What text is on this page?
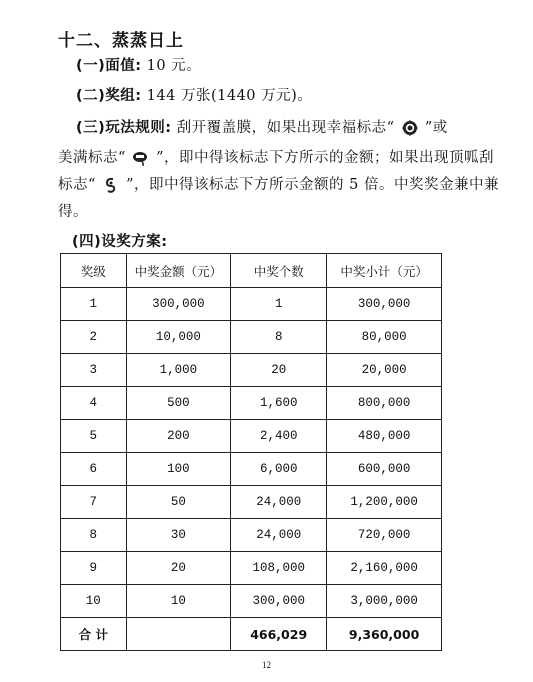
十二、蒸蒸日上
(一)面值: 10 元。
(二)奖组: 144 万张(1440 万元)。
(三)玩法规则: 刮开覆盖膜，如果出现幸福标志“ ”或
美满标志“ ”，即中得该标志下方所示的金额；如果出现顶呱刮
标志“ ”，即中得该标志下方所示金额的 5 倍。中奖奖金兼中兼
得。
(四)设奖方案:
奖级	中奖金额（元）	中奖个数	中奖小计（元）
1	300,000	1	300,000
2	10,000	8	80,000
3	1,000	20	20,000
4	500	1,600	800,000
5	200	2,400	480,000
6	100	6,000	600,000
7	50	24,000	1,200,000
8	30	24,000	720,000
9	20	108,000	2,160,000
10	10	300,000	3,000,000
合 计		466,029	9,360,000
12
